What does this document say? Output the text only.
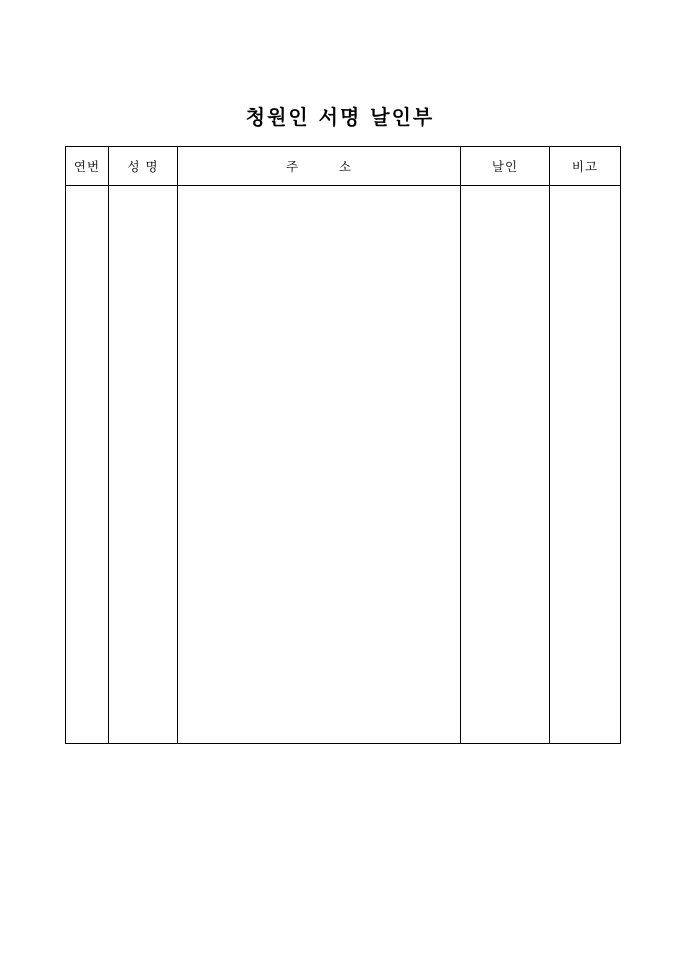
청원인 서명 날인부
연번	성 명	주        소	날인	비고
